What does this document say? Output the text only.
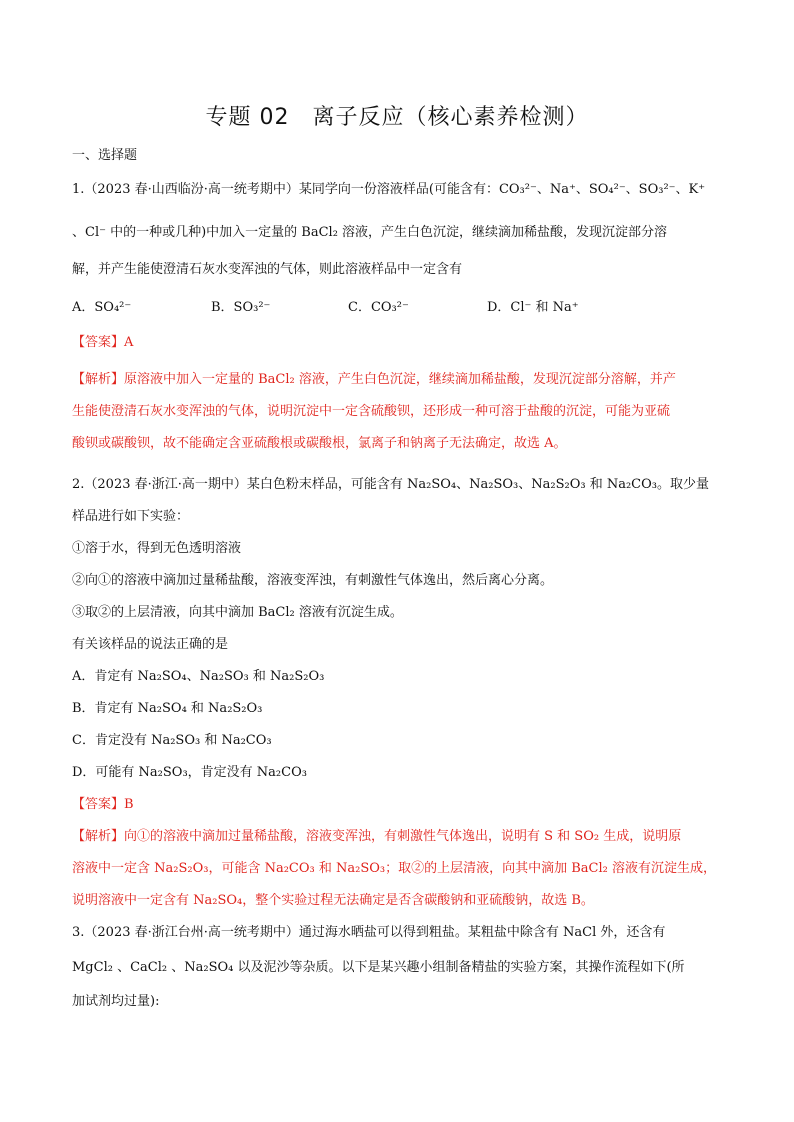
专题 02　离子反应（核心素养检测）
一、选择题
1.（2023 春·山西临汾·高一统考期中）某同学向一份溶液样品(可能含有：CO₃²⁻、Na⁺、SO₄²⁻、SO₃²⁻、K⁺
、Cl⁻ 中的一种或几种)中加入一定量的 BaCl₂ 溶液，产生白色沉淀，继续滴加稀盐酸，发现沉淀部分溶
解，并产生能使澄清石灰水变浑浊的气体，则此溶液样品中一定含有
A．SO₄²⁻	B．SO₃²⁻	C．CO₃²⁻	D．Cl⁻ 和 Na⁺
【答案】A
【解析】原溶液中加入一定量的 BaCl₂ 溶液，产生白色沉淀，继续滴加稀盐酸，发现沉淀部分溶解，并产
生能使澄清石灰水变浑浊的气体，说明沉淀中一定含硫酸钡，还形成一种可溶于盐酸的沉淀，可能为亚硫
酸钡或碳酸钡，故不能确定含亚硫酸根或碳酸根，氯离子和钠离子无法确定，故选 A。
2.（2023 春·浙江·高一期中）某白色粉末样品，可能含有 Na₂SO₄、Na₂SO₃、Na₂S₂O₃ 和 Na₂CO₃。取少量
样品进行如下实验：
①溶于水，得到无色透明溶液
②向①的溶液中滴加过量稀盐酸，溶液变浑浊，有刺激性气体逸出，然后离心分离。
③取②的上层清液，向其中滴加 BaCl₂ 溶液有沉淀生成。
有关该样品的说法正确的是
A．肯定有 Na₂SO₄、Na₂SO₃ 和 Na₂S₂O₃
B．肯定有 Na₂SO₄ 和 Na₂S₂O₃
C．肯定没有 Na₂SO₃ 和 Na₂CO₃
D．可能有 Na₂SO₃，肯定没有 Na₂CO₃
【答案】B
【解析】向①的溶液中滴加过量稀盐酸，溶液变浑浊，有刺激性气体逸出，说明有 S 和 SO₂ 生成，说明原
溶液中一定含 Na₂S₂O₃，可能含 Na₂CO₃ 和 Na₂SO₃；取②的上层清液，向其中滴加 BaCl₂ 溶液有沉淀生成，
说明溶液中一定含有 Na₂SO₄，整个实验过程无法确定是否含碳酸钠和亚硫酸钠，故选 B。
3.（2023 春·浙江台州·高一统考期中）通过海水晒盐可以得到粗盐。某粗盐中除含有 NaCl 外，还含有
MgCl₂ 、CaCl₂ 、Na₂SO₄ 以及泥沙等杂质。以下是某兴趣小组制备精盐的实验方案，其操作流程如下(所
加试剂均过量):
